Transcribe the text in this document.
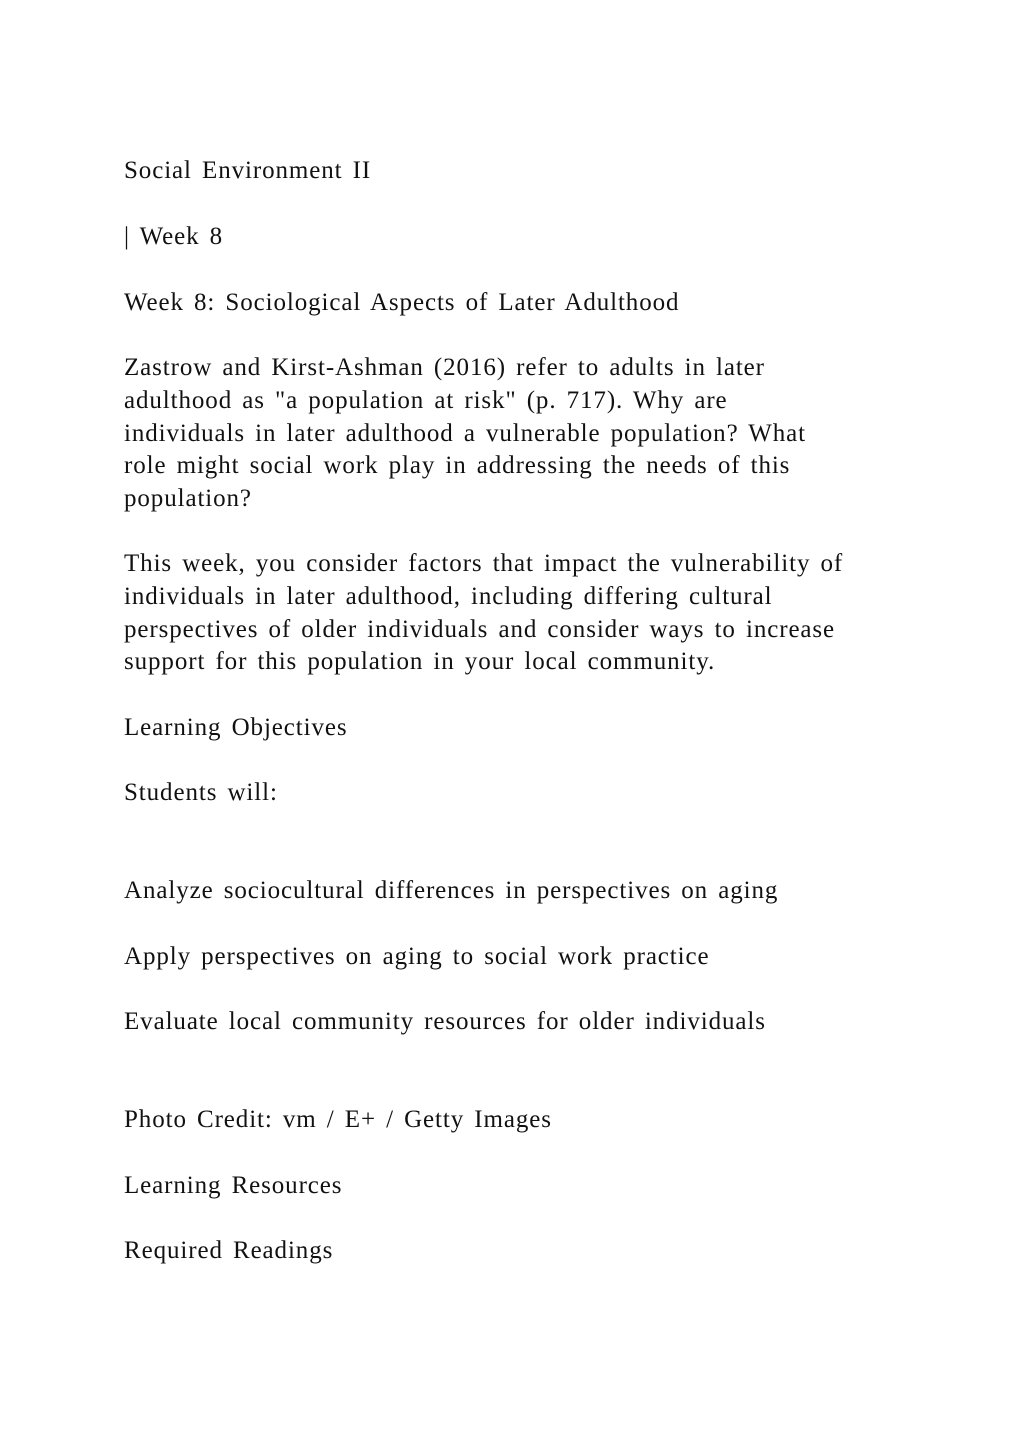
Social Environment II

| Week 8

Week 8: Sociological Aspects of Later Adulthood

Zastrow and Kirst-Ashman (2016) refer to adults in later

adulthood as "a population at risk" (p. 717). Why are

individuals in later adulthood a vulnerable population? What

role might social work play in addressing the needs of this

population?

This week, you consider factors that impact the vulnerability of

individuals in later adulthood, including differing cultural

perspectives of older individuals and consider ways to increase

support for this population in your local community.

Learning Objectives

Students will:

Analyze sociocultural differences in perspectives on aging

Apply perspectives on aging to social work practice

Evaluate local community resources for older individuals

Photo Credit: vm / E+ / Getty Images

Learning Resources

Required Readings
